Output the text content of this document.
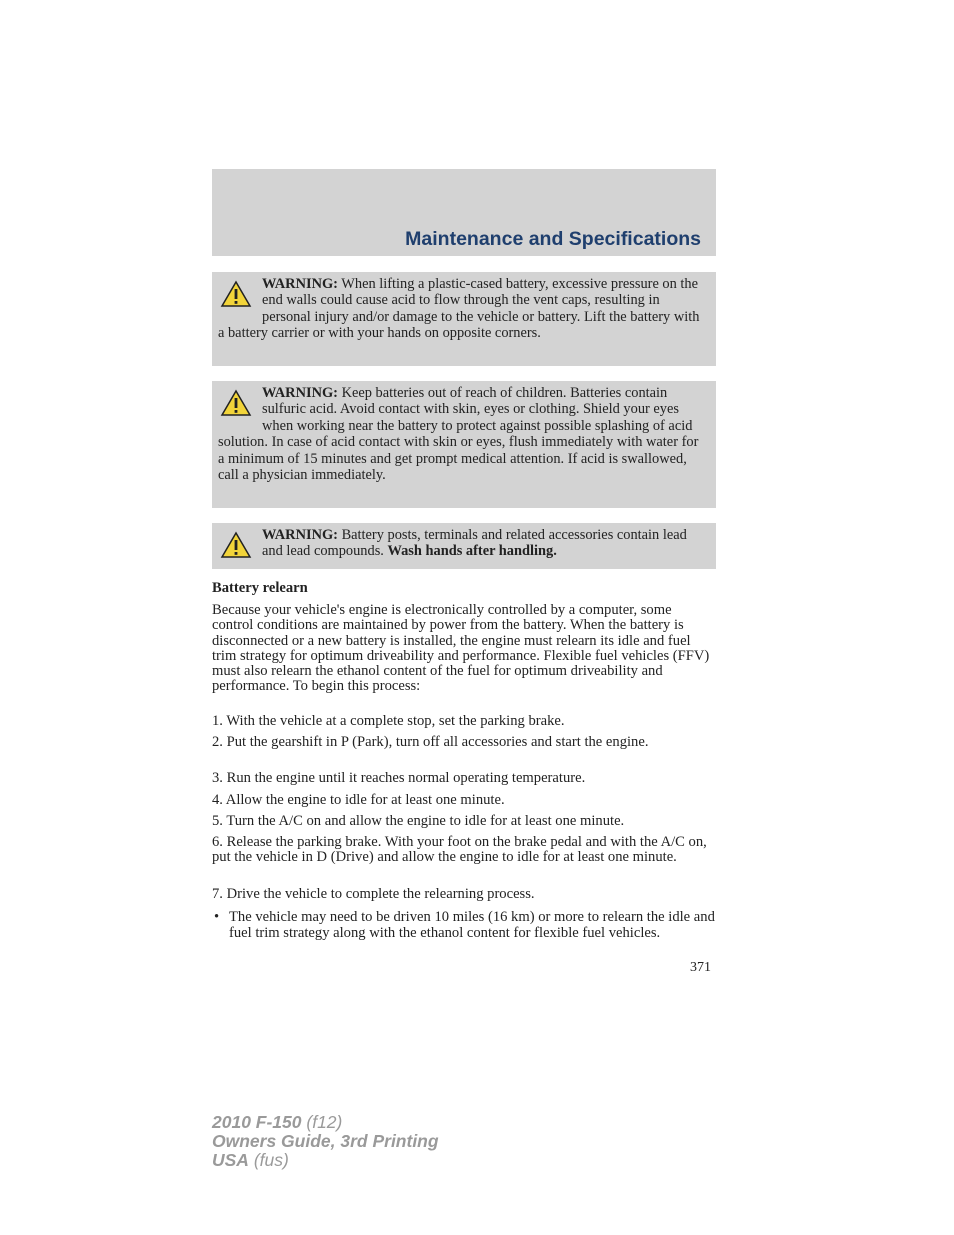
Maintenance and Specifications
WARNING: When lifting a plastic-cased battery, excessive pressure on the end walls could cause acid to flow through the vent caps, resulting in personal injury and/or damage to the vehicle or battery. Lift the battery with a battery carrier or with your hands on opposite corners.
WARNING: Keep batteries out of reach of children. Batteries contain sulfuric acid. Avoid contact with skin, eyes or clothing. Shield your eyes when working near the battery to protect against possible splashing of acid solution. In case of acid contact with skin or eyes, flush immediately with water for a minimum of 15 minutes and get prompt medical attention. If acid is swallowed, call a physician immediately.
WARNING: Battery posts, terminals and related accessories contain lead and lead compounds. Wash hands after handling.
Battery relearn
Because your vehicle's engine is electronically controlled by a computer, some control conditions are maintained by power from the battery. When the battery is disconnected or a new battery is installed, the engine must relearn its idle and fuel trim strategy for optimum driveability and performance. Flexible fuel vehicles (FFV) must also relearn the ethanol content of the fuel for optimum driveability and performance. To begin this process:
1. With the vehicle at a complete stop, set the parking brake.
2. Put the gearshift in P (Park), turn off all accessories and start the engine.
3. Run the engine until it reaches normal operating temperature.
4. Allow the engine to idle for at least one minute.
5. Turn the A/C on and allow the engine to idle for at least one minute.
6. Release the parking brake. With your foot on the brake pedal and with the A/C on, put the vehicle in D (Drive) and allow the engine to idle for at least one minute.
7. Drive the vehicle to complete the relearning process.
• The vehicle may need to be driven 10 miles (16 km) or more to relearn the idle and fuel trim strategy along with the ethanol content for flexible fuel vehicles.
371
2010 F-150 (f12)
Owners Guide, 3rd Printing
USA (fus)
